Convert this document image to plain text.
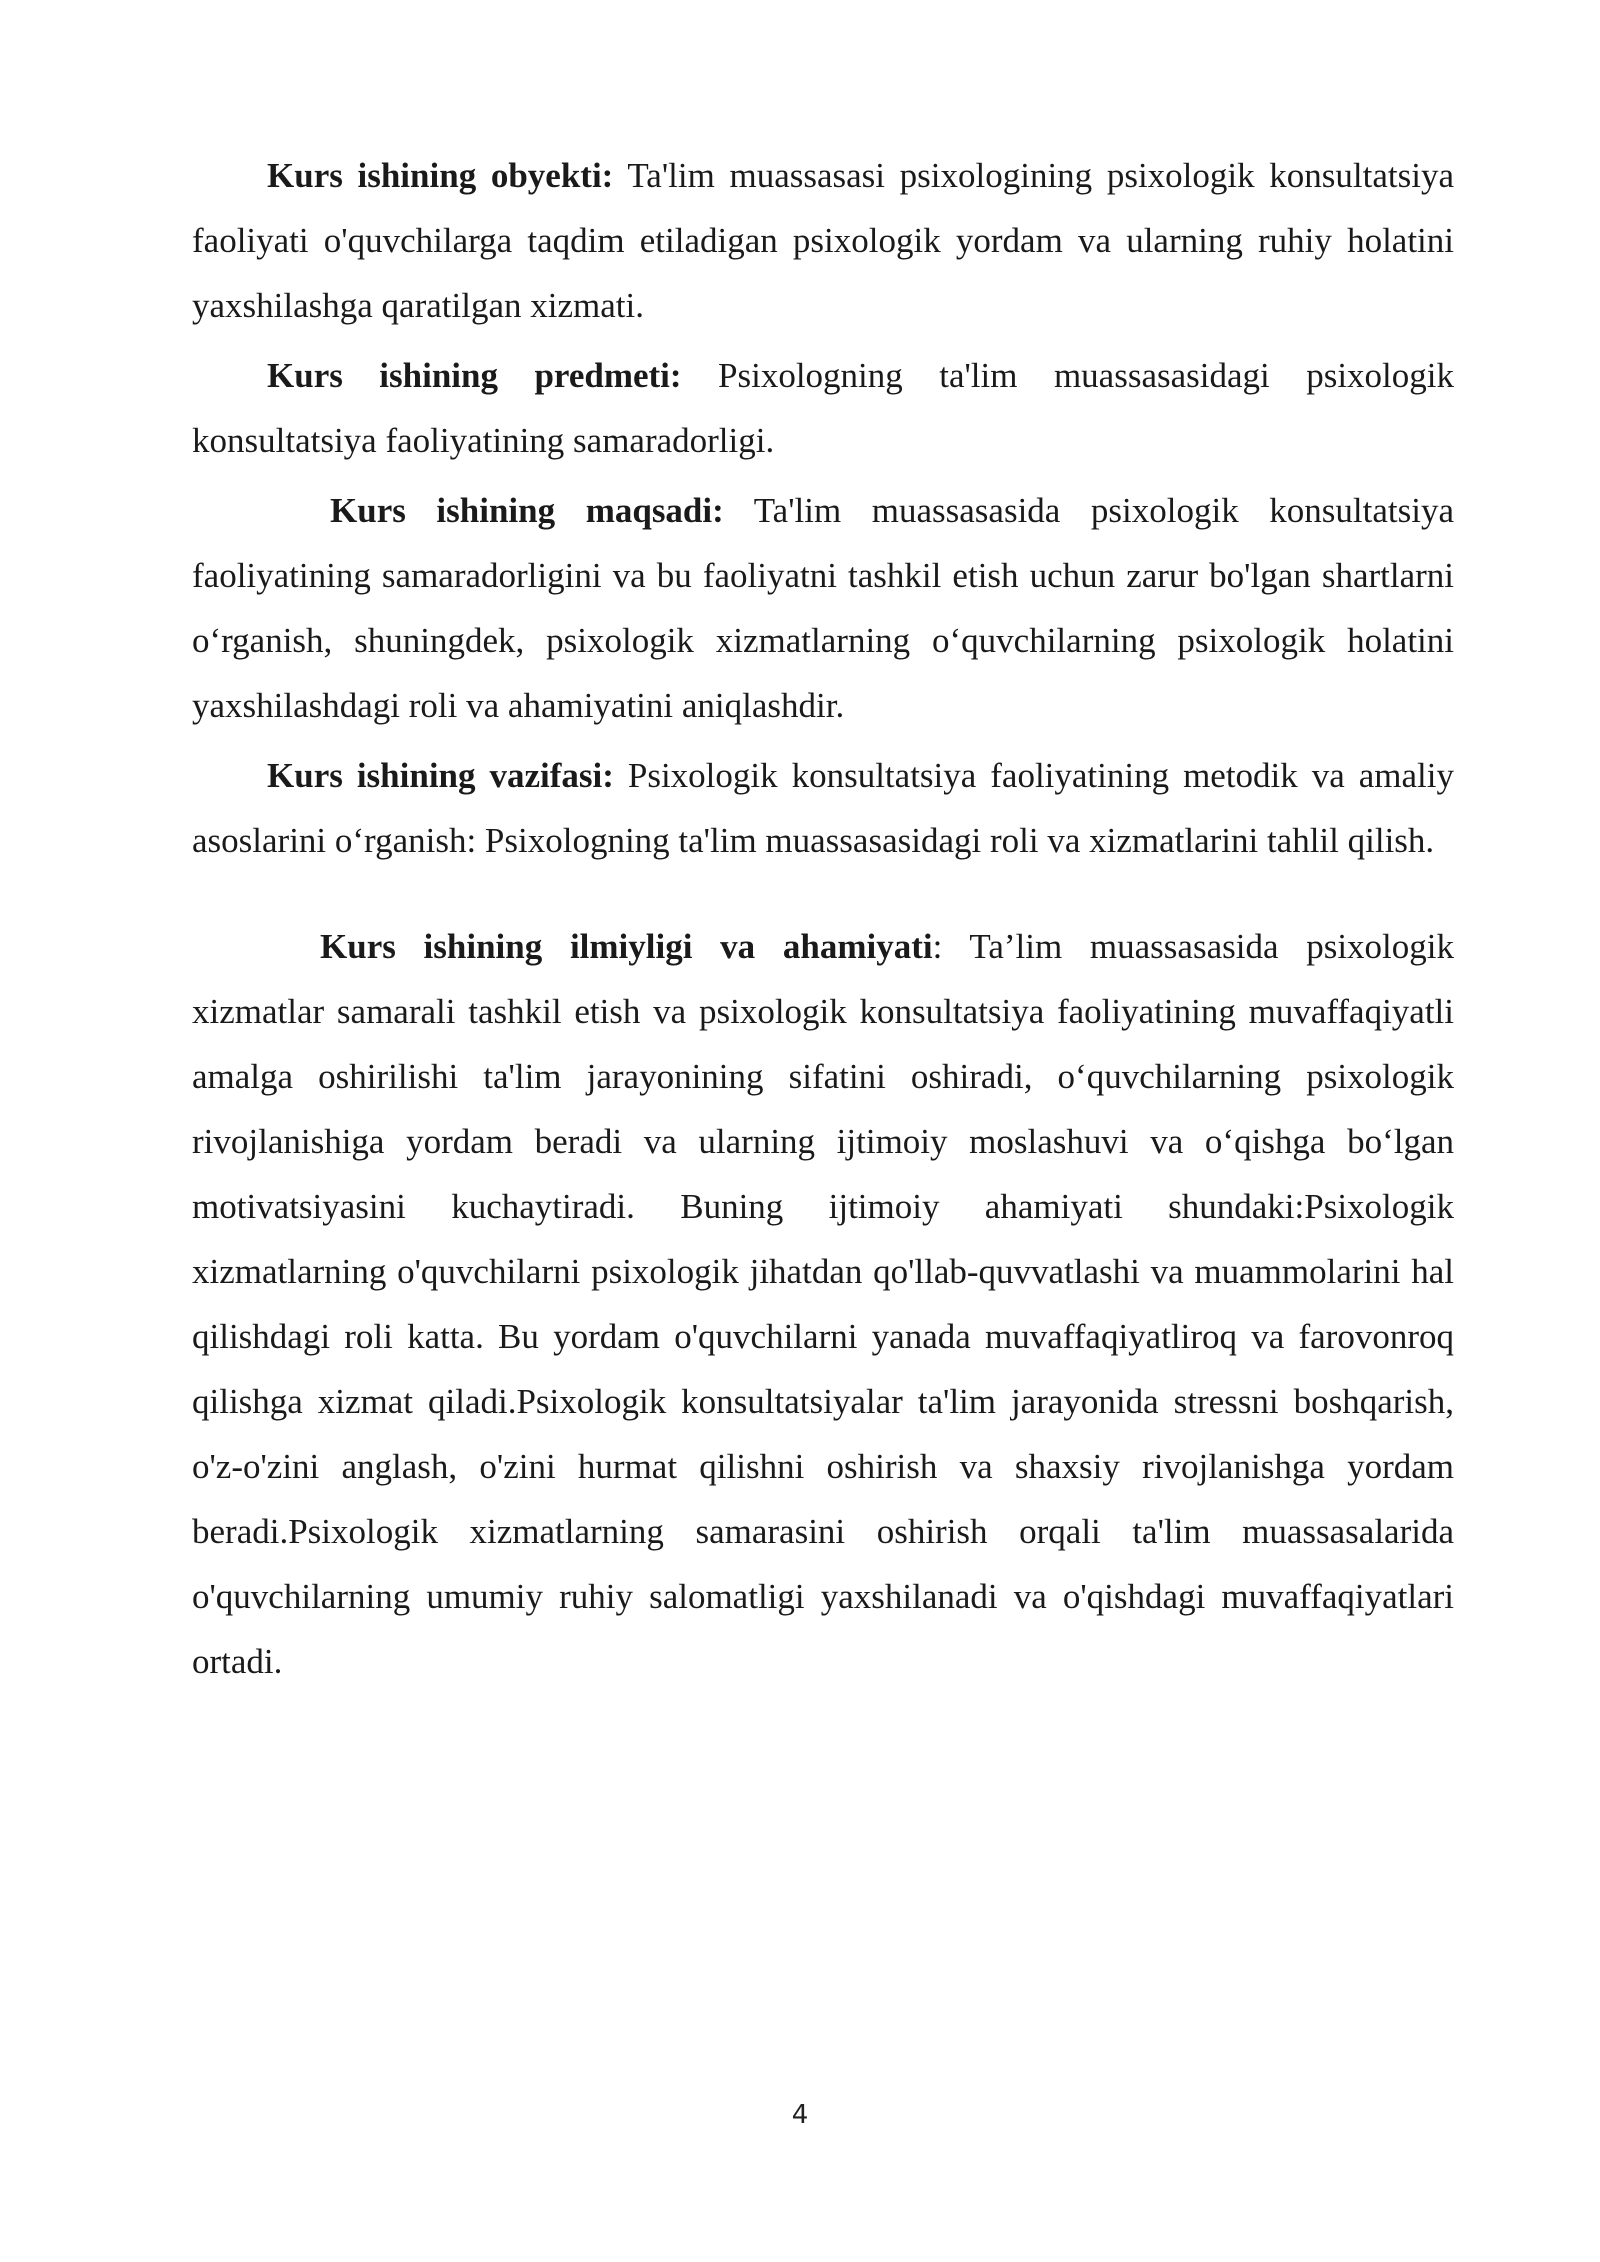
Kurs ishining obyekti: Ta'lim muassasasi psixologining psixologik konsultatsiya faoliyati o'quvchilarga taqdim etiladigan psixologik yordam va ularning ruhiy holatini yaxshilashga qaratilgan xizmati.

Kurs ishining predmeti: Psixologning ta'lim muassasasidagi psixologik konsultatsiya faoliyatining samaradorligi.

Kurs ishining maqsadi: Ta'lim muassasasida psixologik konsultatsiya faoliyatining samaradorligini va bu faoliyatni tashkil etish uchun zarur bo'lgan shartlarni o‘rganish, shuningdek, psixologik xizmatlarning o‘quvchilarning psixologik holatini yaxshilashdagi roli va ahamiyatini aniqlashdir.

Kurs ishining vazifasi: Psixologik konsultatsiya faoliyatining metodik va amaliy asoslarini o‘rganish: Psixologning ta'lim muassasasidagi roli va xizmatlarini tahlil qilish.

Kurs ishining ilmiyligi va ahamiyati: Ta’lim muassasasida psixologik xizmatlar samarali tashkil etish va psixologik konsultatsiya faoliyatining muvaffaqiyatli amalga oshirilishi ta'lim jarayonining sifatini oshiradi, o‘quvchilarning psixologik rivojlanishiga yordam beradi va ularning ijtimoiy moslashuvi va o‘qishga bo‘lgan motivatsiyasini kuchaytiradi. Buning ijtimoiy ahamiyati shundaki:Psixologik xizmatlarning o'quvchilarni psixologik jihatdan qo'llab-quvvatlashi va muammolarini hal qilishdagi roli katta. Bu yordam o'quvchilarni yanada muvaffaqiyatliroq va farovonroq qilishga xizmat qiladi.Psixologik konsultatsiyalar ta'lim jarayonida stressni boshqarish, o'z-o'zini anglash, o'zini hurmat qilishni oshirish va shaxsiy rivojlanishga yordam beradi.Psixologik xizmatlarning samarasini oshirish orqali ta'lim muassasalarida o'quvchilarning umumiy ruhiy salomatligi yaxshilanadi va o'qishdagi muvaffaqiyatlari ortadi.

4
